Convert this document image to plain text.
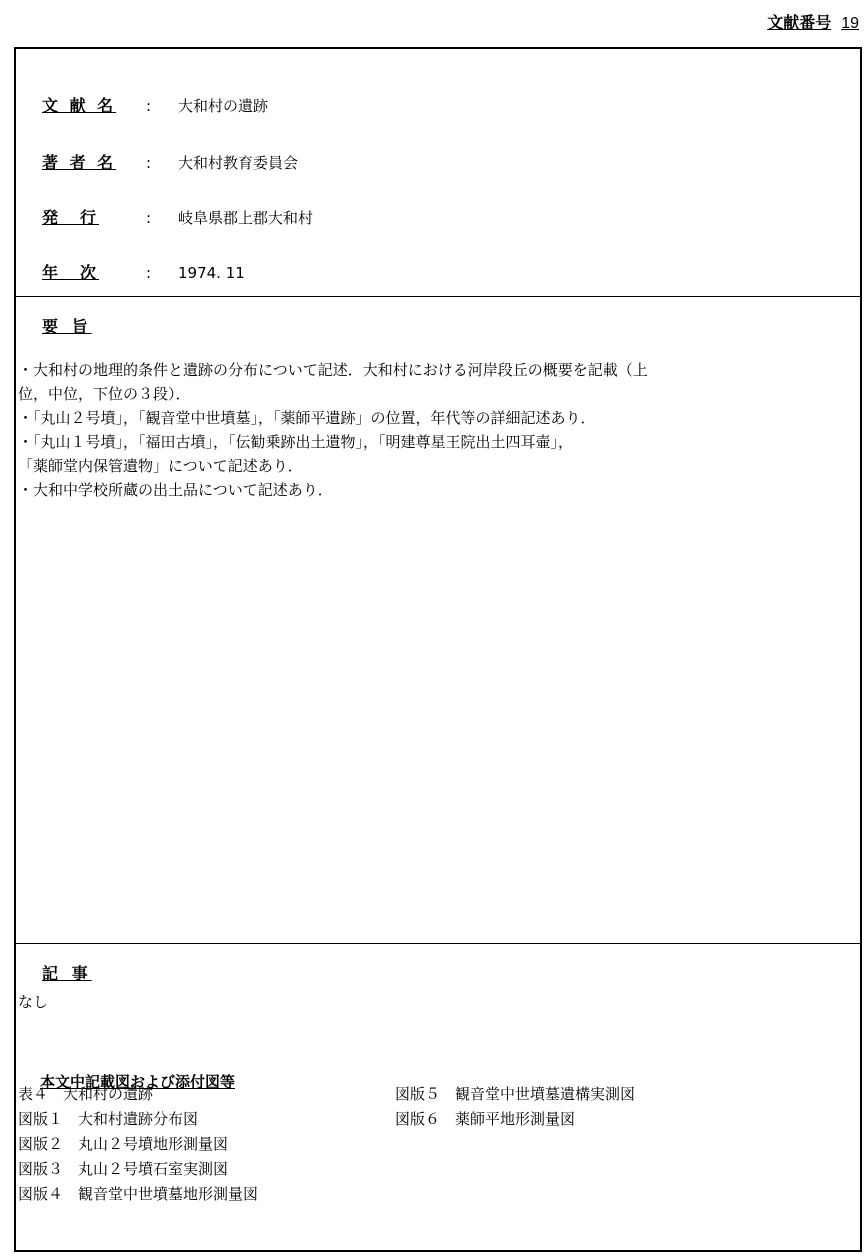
文献番号 19
文 献 名	:	大和村の遺跡
著 者 名	:	大和村教育委員会
発　行	:	岐阜県郡上郡大和村
年　次	:	1974. 11
要 旨
・大和村の地理的条件と遺跡の分布について記述．大和村における河岸段丘の概要を記載（上
位，中位，下位の３段）．
・「丸山２号墳」，「観音堂中世墳墓」，「薬師平遺跡」の位置，年代等の詳細記述あり．
・「丸山１号墳」，「福田古墳」，「伝勧乗跡出土遺物」，「明建尊星王院出土四耳壷」，
「薬師堂内保管遺物」について記述あり．
・大和中学校所蔵の出土品について記述あり．
記 事
なし
本文中記載図および添付図等
表４　大和村の遺跡
図版１　大和村遺跡分布図
図版２　丸山２号墳地形測量図
図版３　丸山２号墳石室実測図
図版４　観音堂中世墳墓地形測量図
図版５　観音堂中世墳墓遺構実測図
図版６　薬師平地形測量図
